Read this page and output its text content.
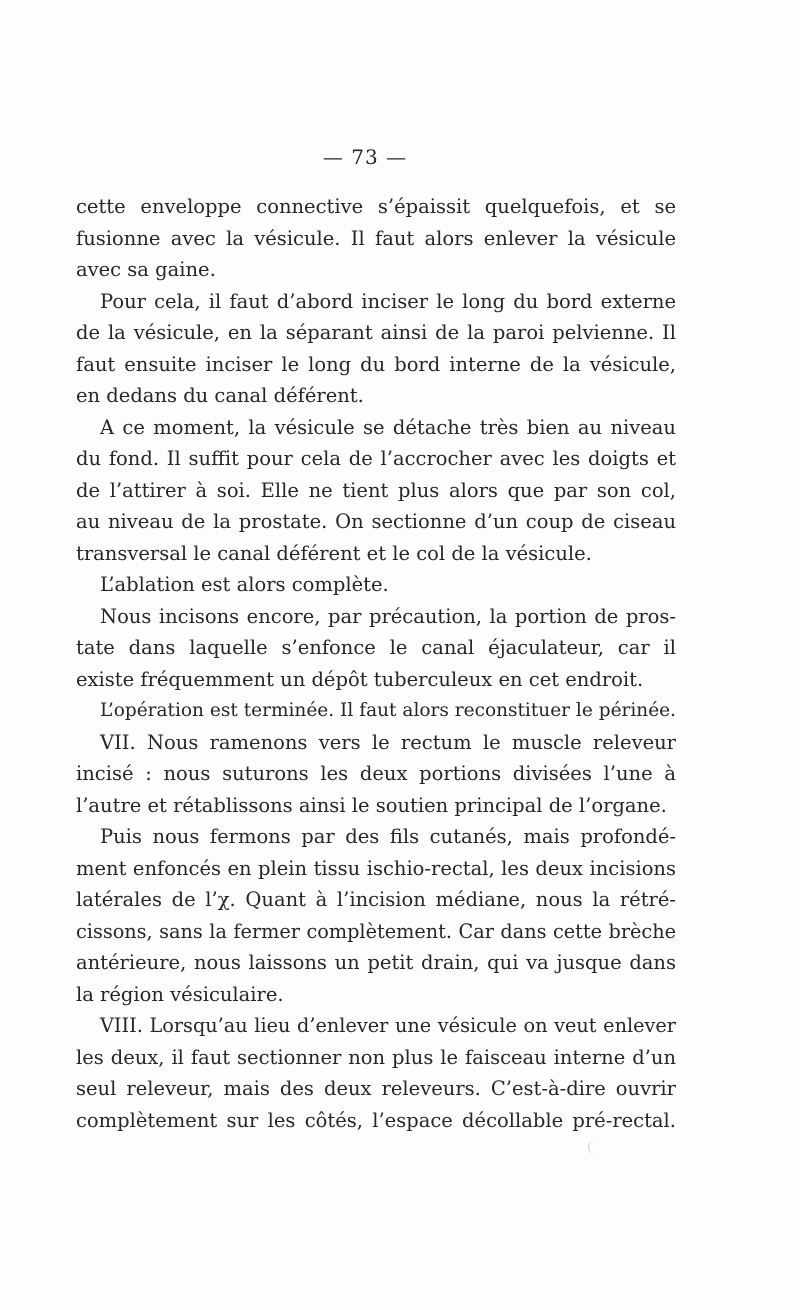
— 73 —
cette enveloppe connective s’épaissit quelquefois, et se
fusionne avec la vésicule. Il faut alors enlever la vésicule
avec sa gaine.
Pour cela, il faut d’abord inciser le long du bord externe
de la vésicule, en la séparant ainsi de la paroi pelvienne. Il
faut ensuite inciser le long du bord interne de la vésicule,
en dedans du canal déférent.
A ce moment, la vésicule se détache très bien au niveau
du fond. Il suffit pour cela de l’accrocher avec les doigts et
de l’attirer à soi. Elle ne tient plus alors que par son col,
au niveau de la prostate. On sectionne d’un coup de ciseau
transversal le canal déférent et le col de la vésicule.
L’ablation est alors complète.
Nous incisons encore, par précaution, la portion de pros-
tate dans laquelle s’enfonce le canal éjaculateur, car il
existe fréquemment un dépôt tuberculeux en cet endroit.
L’opération est terminée. Il faut alors reconstituer le périnée.
VII. Nous ramenons vers le rectum le muscle releveur
incisé : nous suturons les deux portions divisées l’une à
l’autre et rétablissons ainsi le soutien principal de l’organe.
Puis nous fermons par des fils cutanés, mais profondé-
ment enfoncés en plein tissu ischio-rectal, les deux incisions
latérales de l’χ. Quant à l’incision médiane, nous la rétré-
cissons, sans la fermer complètement. Car dans cette brèche
antérieure, nous laissons un petit drain, qui va jusque dans
la région vésiculaire.
VIII. Lorsqu’au lieu d’enlever une vésicule on veut enlever
les deux, il faut sectionner non plus le faisceau interne d’un
seul releveur, mais des deux releveurs. C’est-à-dire ouvrir
complètement sur les côtés, l’espace décollable pré-rectal.
